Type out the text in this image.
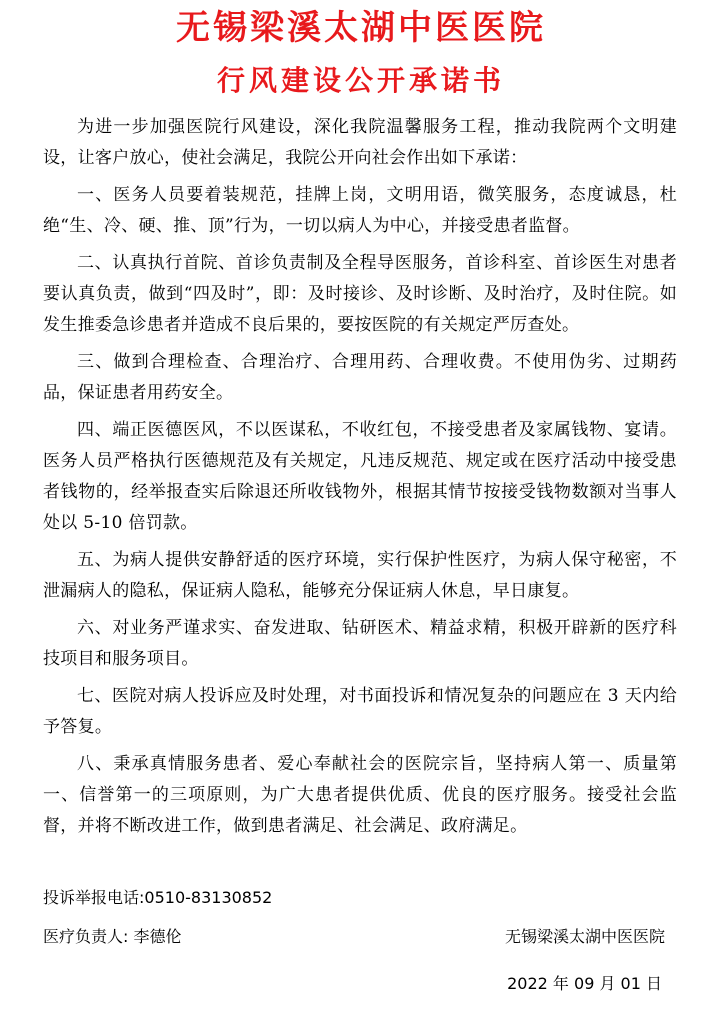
无锡梁溪太湖中医医院
行风建设公开承诺书

为进一步加强医院行风建设，深化我院温馨服务工程，推动我院两个文明建设，让客户放心，使社会满足，我院公开向社会作出如下承诺：

一、医务人员要着装规范，挂牌上岗，文明用语，微笑服务，态度诚恳，杜绝“生、冷、硬、推、顶”行为，一切以病人为中心，并接受患者监督。

二、认真执行首院、首诊负责制及全程导医服务，首诊科室、首诊医生对患者要认真负责，做到“四及时”，即：及时接诊、及时诊断、及时治疗，及时住院。如发生推委急诊患者并造成不良后果的，要按医院的有关规定严厉查处。

三、做到合理检查、合理治疗、合理用药、合理收费。不使用伪劣、过期药品，保证患者用药安全。

四、端正医德医风，不以医谋私，不收红包，不接受患者及家属钱物、宴请。医务人员严格执行医德规范及有关规定，凡违反规范、规定或在医疗活动中接受患者钱物的，经举报查实后除退还所收钱物外，根据其情节按接受钱物数额对当事人处以 5-10 倍罚款。

五、为病人提供安静舒适的医疗环境，实行保护性医疗，为病人保守秘密，不泄漏病人的隐私，保证病人隐私，能够充分保证病人休息，早日康复。

六、对业务严谨求实、奋发进取、钻研医术、精益求精，积极开辟新的医疗科技项目和服务项目。

七、医院对病人投诉应及时处理，对书面投诉和情况复杂的问题应在 3 天内给予答复。

八、秉承真情服务患者、爱心奉献社会的医院宗旨，坚持病人第一、质量第一、信誉第一的三项原则，为广大患者提供优质、优良的医疗服务。接受社会监督，并将不断改进工作，做到患者满足、社会满足、政府满足。

投诉举报电话:0510-83130852
医疗负责人: 李德伦	无锡梁溪太湖中医医院
2022 年 09 月 01 日
